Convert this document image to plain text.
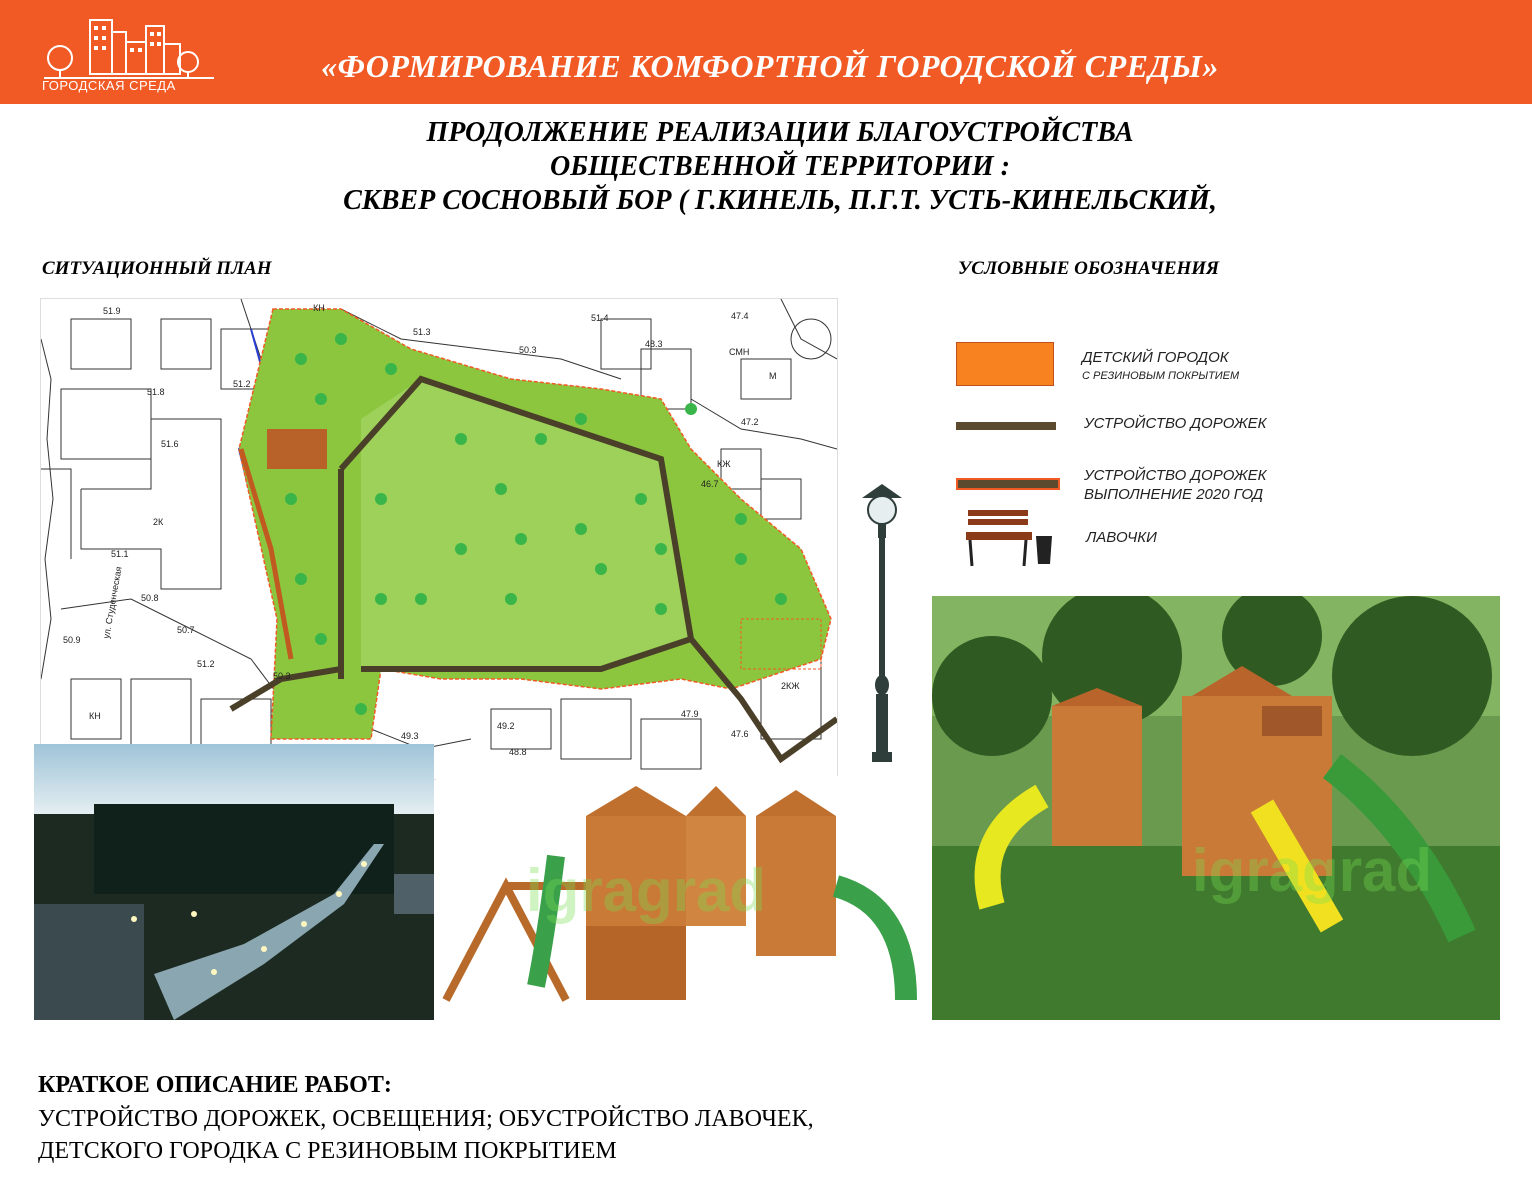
ГОРОДСКАЯ СРЕДА
«ФОРМИРОВАНИЕ КОМФОРТНОЙ ГОРОДСКОЙ СРЕДЫ»
ПРОДОЛЖЕНИЕ РЕАЛИЗАЦИИ БЛАГОУСТРОЙСТВА
ОБЩЕСТВЕННОЙ ТЕРРИТОРИИ :
СКВЕР СОСНОВЫЙ БОР ( Г.КИНЕЛЬ, П.Г.Т. УСТЬ-КИНЕЛЬСКИЙ,
СИТУАЦИОННЫЙ ПЛАН	УСЛОВНЫЕ ОБОЗНАЧЕНИЯ
КН
51.9
51.3
50.3
51.4
48.3
СМН
47.4
51.8
51.2
2К
51.6
51.1
50.8
50.7
50.9
51.2
50.3
КН
49.3
49.2
48.8
47.9
47.6
2КЖ
КЖ
М
47.2
46.7
ул. Студенческая
ДЕТСКИЙ ГОРОДОК
С РЕЗИНОВЫМ ПОКРЫТИЕМ
УСТРОЙСТВО ДОРОЖЕК
УСТРОЙСТВО ДОРОЖЕК
ВЫПОЛНЕНИЕ 2020 ГОД
ЛАВОЧКИ
igragrad	igragrad
КРАТКОЕ ОПИСАНИЕ РАБОТ:
УСТРОЙСТВО ДОРОЖЕК, ОСВЕЩЕНИЯ; ОБУСТРОЙСТВО ЛАВОЧЕК,
ДЕТСКОГО ГОРОДКА С РЕЗИНОВЫМ ПОКРЫТИЕМ
